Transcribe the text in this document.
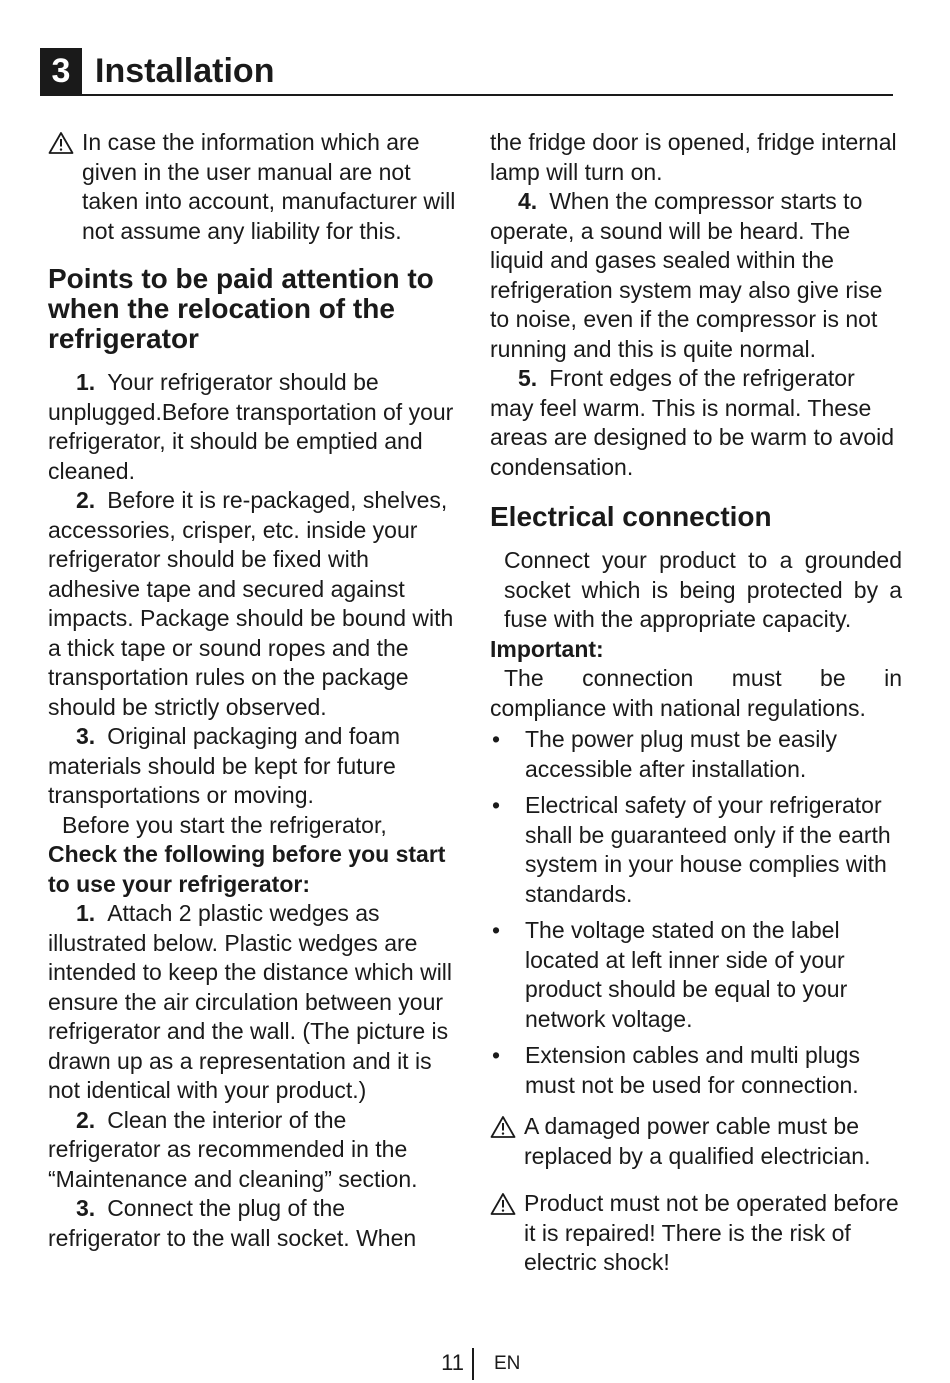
3 Installation

In case the information which are given in the user manual are not taken into account, manufacturer will not assume any liability for this.

Points to be paid attention to when the relocation of the refrigerator

1. Your refrigerator should be unplugged.Before transportation of your refrigerator, it should be emptied and cleaned.

2. Before it is re-packaged, shelves, accessories, crisper, etc. inside your refrigerator should be fixed with adhesive tape and secured against impacts. Package should be bound with a thick tape or sound ropes and the transportation rules on the package should be strictly observed.

3. Original packaging and foam materials should be kept for future transportations or moving.

Before you start the refrigerator,

Check the following before you start to use your refrigerator:

1. Attach 2 plastic wedges as illustrated below. Plastic wedges are intended to keep the distance which will ensure the air circulation between your refrigerator and the wall. (The picture is drawn up as a representation and it is not identical with your product.)

2. Clean the interior of the refrigerator as recommended in the “Maintenance and cleaning” section.

3. Connect the plug of the refrigerator to the wall socket. When

the fridge door is opened, fridge internal lamp will turn on.

4. When the compressor starts to operate, a sound will be heard. The liquid and gases sealed within the refrigeration system may also give rise to noise, even if the compressor is not running and this is quite normal.

5. Front edges of the refrigerator may feel warm. This is normal. These areas are designed to be warm to avoid condensation.

Electrical connection

Connect your product to a grounded socket which is being protected by a fuse with the appropriate capacity.

Important:

The connection must be in

compliance with national regulations.

• The power plug must be easily accessible after installation.
• Electrical safety of your refrigerator shall be guaranteed only if the earth system in your house complies with standards.
• The voltage stated on the label located at left inner side of your product should be equal to your network voltage.
• Extension cables and multi plugs must not be used for connection.

A damaged power cable must be replaced by a qualified electrician.

Product must not be operated before it is repaired! There is the risk of electric shock!

11 EN
